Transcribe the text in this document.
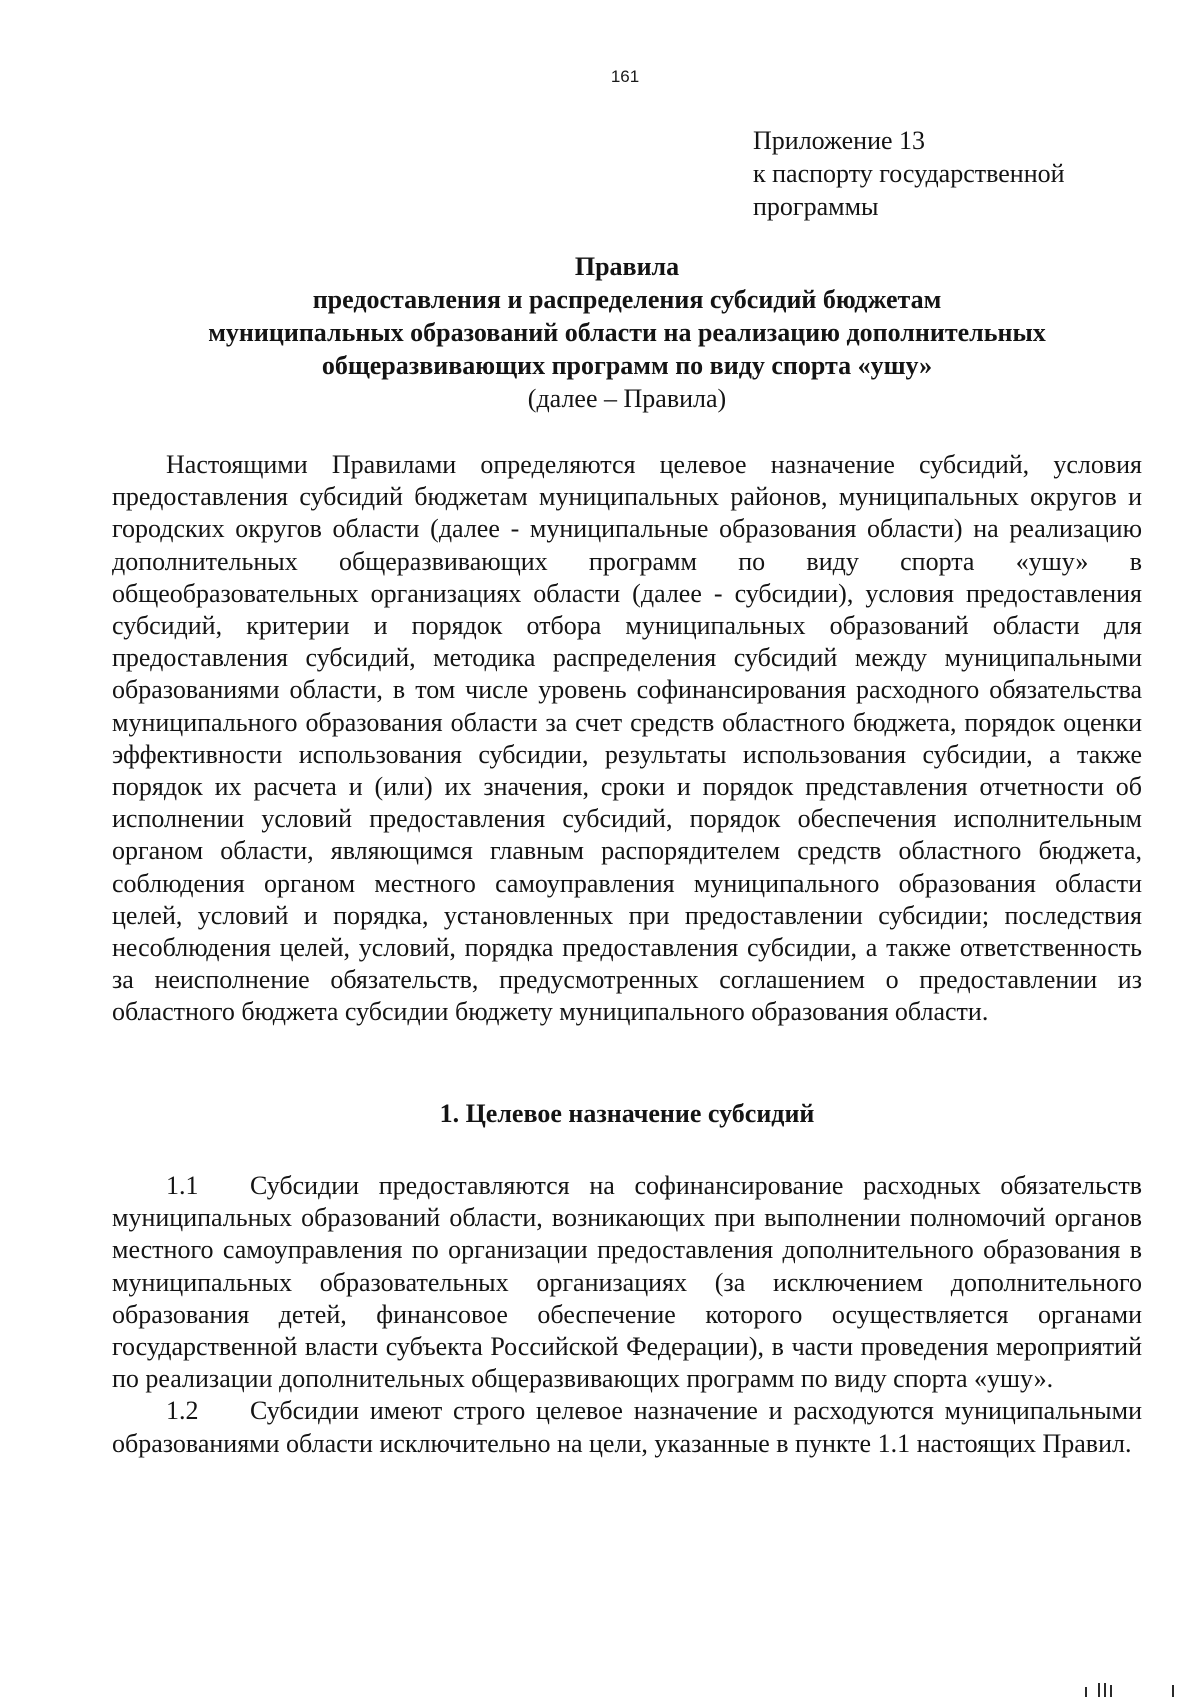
161
Приложение 13
к паспорту государственной
программы
Правила
предоставления и распределения субсидий бюджетам
муниципальных образований области на реализацию дополнительных
общеразвивающих программ по виду спорта «ушу»
(далее – Правила)

Настоящими Правилами определяются целевое назначение субсидий, условия предоставления субсидий бюджетам муниципальных районов, муниципальных округов и городских округов области (далее - муниципальные образования области) на реализацию дополнительных общеразвивающих программ по виду спорта «ушу» в общеобразовательных организациях области (далее - субсидии), условия предоставления субсидий, критерии и порядок отбора муниципальных образований области для предоставления субсидий, методика распределения субсидий между муниципальными образованиями области, в том числе уровень софинансирования расходного обязательства муниципального образования области за счет средств областного бюджета, порядок оценки эффективности использования субсидии, результаты использования субсидии, а также порядок их расчета и (или) их значения, сроки и порядок представления отчетности об исполнении условий предоставления субсидий, порядок обеспечения исполнительным органом области, являющимся главным распорядителем средств областного бюджета, соблюдения органом местного самоуправления муниципального образования области целей, условий и порядка, установленных при предоставлении субсидии; последствия несоблюдения целей, условий, порядка предоставления субсидии, а также ответственность за неисполнение обязательств, предусмотренных соглашением о предоставлении из областного бюджета субсидии бюджету муниципального образования области.

1. Целевое назначение субсидий

1.1 Субсидии предоставляются на софинансирование расходных обязательств муниципальных образований области, возникающих при выполнении полномочий органов местного самоуправления по организации предоставления дополнительного образования в муниципальных образовательных организациях (за исключением дополнительного образования детей, финансовое обеспечение которого осуществляется органами государственной власти субъекта Российской Федерации), в части проведения мероприятий по реализации дополнительных общеразвивающих программ по виду спорта «ушу».

1.2 Субсидии имеют строго целевое назначение и расходуются муниципальными образованиями области исключительно на цели, указанные в пункте 1.1 настоящих Правил.
